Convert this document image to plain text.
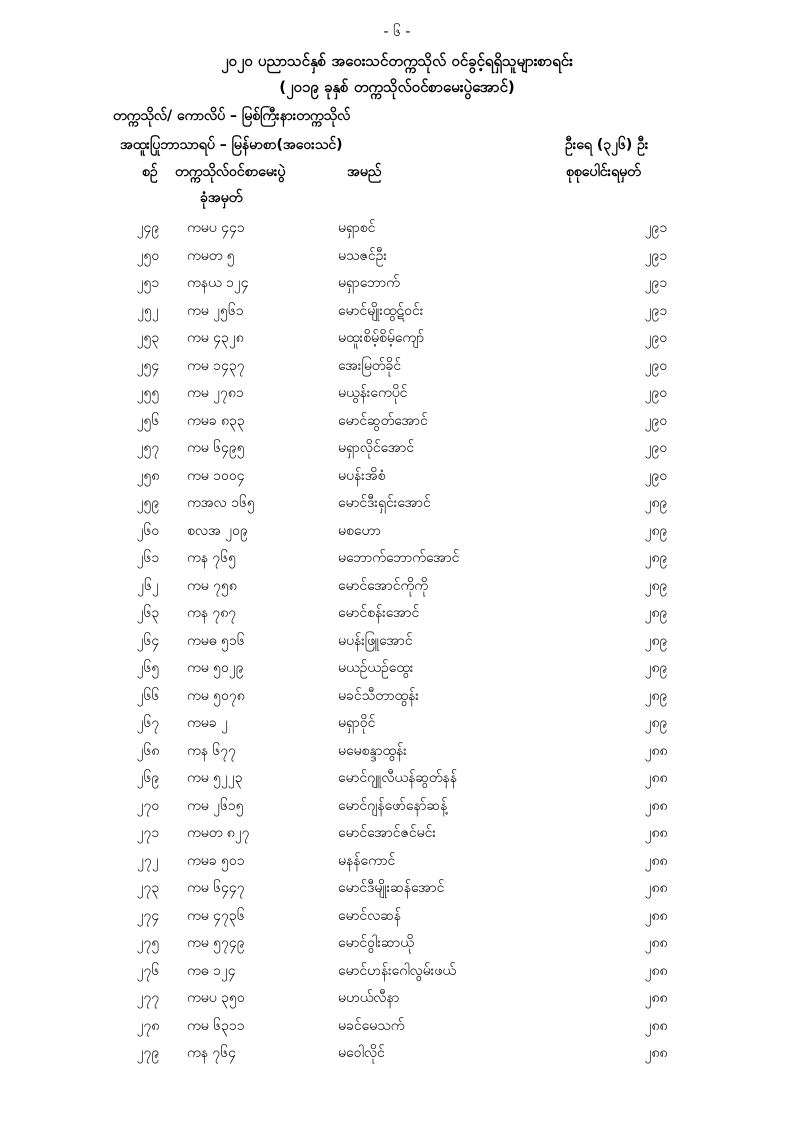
- ၆ -
၂၀၂၀ ပညာသင်နှစ် အဝေးသင်တက္ကသိုလ် ဝင်ခွင့်ရရှိသူများစာရင်း
(၂၀၁၉ ခုနှစ် တက္ကသိုလ်ဝင်စာမေးပွဲအောင်)
တက္ကသိုလ်/ ကောလိပ် – မြစ်ကြီးနားတက္ကသိုလ်
အထူးပြုဘာသာရပ် – မြန်မာစာ(အဝေးသင်)	ဦးရေ (၃၂၆) ဦး
စဉ် တက္ကသိုလ်ဝင်စာမေးပွဲ
ခုံအမှတ်
အမည်	စုစုပေါင်းရမှတ်
၂၄၉	ကမပ ၄၄၁	မရှာစင်	၂၉၁
၂၅၀	ကမတ ၅	မသဇင်ဦး	၂၉၁
၂၅၁	ကနယ ၁၂၄	မရှာဘောက်	၂၉၁
၂၅၂	ကမ ၂၅၆၁	မောင်မျိုးထွဋ်ဝင်း	၂၉၁
၂၅၃	ကမ ၄၃၂၈	မထူးစိမ့်စိမ့်ကျော်	၂၉၀
၂၅၄	ကမ ၁၄၃၇	အေးမြတ်ခိုင်	၂၉၀
၂၅၅	ကမ ၂၇၈၁	မယွန်းကေပိုင်	၂၉၀
၂၅၆	ကမခ ၈၃၃	မောင်ဆွတ်အောင်	၂၉၀
၂၅၇	ကမ ၆၄၉၅	မရှာလိုင်အောင်	၂၉၀
၂၅၈	ကမ ၁၀၀၄	မပန်းအိစံ	၂၉၀
၂၅၉	ကအလ ၁၆၅	မောင်ဒီးရှင်းအောင်	၂၈၉
၂၆၀	စလအ ၂၀၉	မစဟော	၂၈၉
၂၆၁	ကန ၇၆၅	မဘောက်ဘောက်အောင်	၂၈၉
၂၆၂	ကမ ၇၅၈	မောင်အောင်ကိုကို	၂၈၉
၂၆၃	ကန ၇၈၇	မောင်စန်းအောင်	၂၈၉
၂၆၄	ကမဓ ၅၁၆	မပန်းဖြူအောင်	၂၈၉
၂၆၅	ကမ ၅၀၂၉	မယဉ်ယဉ်ထွေး	၂၈၉
၂၆၆	ကမ ၅၀၇၈	မခင်သီတာထွန်း	၂၈၉
၂၆၇	ကမခ ၂	မရှာဝိုင်	၂၈၉
၂၆၈	ကန ၆၇၇	မမေစန္ဒာထွန်း	၂၈၈
၂၆၉	ကမ ၅၂၂၃	မောင်ဂျူလီယန်ဆွတ်နန်	၂၈၈
၂၇၀	ကမ ၂၆၁၅	မောင်ဂျန်ဖော်နော်ဆန့်	၂၈၈
၂၇၁	ကမတ ၈၂၇	မောင်အောင်ဇင်မင်း	၂၈၈
၂၇၂	ကမခ ၅၀၁	မနန်ကောင်	၂၈၈
၂၇၃	ကမ ၆၄၄၇	မောင်ဒီမျိုးဆန်အောင်	၂၈၈
၂၇၄	ကမ ၄၇၃၆	မောင်လဆန်	၂၈၈
၂၇၅	ကမ ၅၇၄၉	မောင်ဝွါးဆာယို	၂၈၈
၂၇၆	ကဓ ၁၂၄	မောင်ဟန်းဂေါလွမ်းဖယ်	၂၈၈
၂၇၇	ကမပ ၃၅၀	မဟယ်လီနာ	၂၈၈
၂၇၈	ကမ ၆၃၁၁	မခင်မေသက်	၂၈၈
၂၇၉	ကန ၇၆၄	မဝေါလိုင်	၂၈၈
